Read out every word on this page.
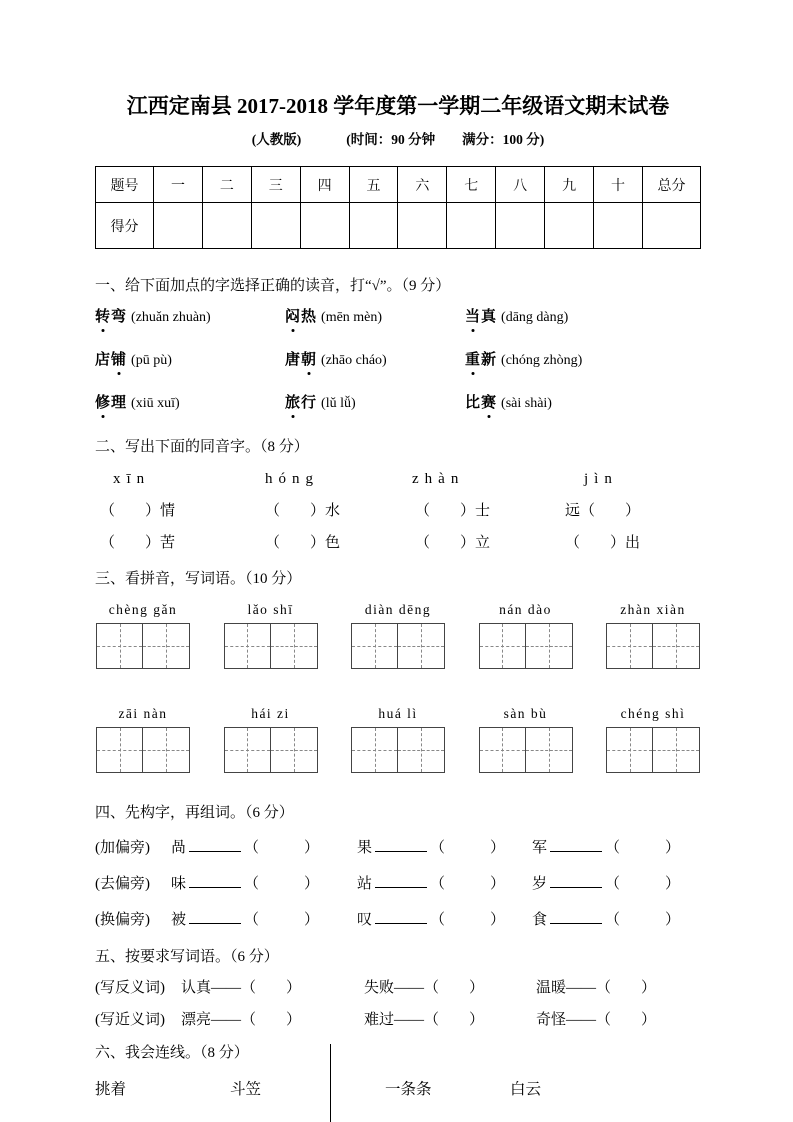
江西定南县 2017-2018 学年度第一学期二年级语文期末试卷
(人教版)	(时间：90 分钟　　满分：100 分)
题号	一	二	三	四	五	六	七	八	九	十	总分
得分											
一、给下面加点的字选择正确的读音，打“√”。（9 分）
转弯 (zhuǎn zhuàn)	闷热 (mēn mèn)	当真 (dāng dàng)
店铺 (pū pù)	唐朝 (zhāo cháo)	重新 (chóng zhòng)
修理 (xiū xuī)	旅行 (lǔ lǚ)	比赛 (sài shài)
二、写出下面的同音字。（8 分）
xīn	hóng	zhàn	jìn
（　　）情	（　　）水	（　　）士	远（　　）
（　　）苦	（　　）色	（　　）立	（　　）出
三、看拼音，写词语。（10 分）
chèng gǎn	lǎo shī	diàn dēng	nán dào	zhàn xiàn
zāi nàn	hái zi	huá lì	sàn bù	chéng shì
四、先构字，再组词。（6 分）
(加偏旁)	咼	（　　　）	果	（　　　）	军	（　　　）
(去偏旁)	味	（　　　）	站	（　　　）	岁	（　　　）
(换偏旁)	被	（　　　）	叹	（　　　）	食	（　　　）
五、按要求写词语。（6 分）
(写反义词)	认真——（　　）	失败——（　　）	温暖——（　　）
(写近义词)	漂亮——（　　）	难过——（　　）	奇怪——（　　）
六、我会连线。（8 分）
挑着	斗笠	一条条	白云
